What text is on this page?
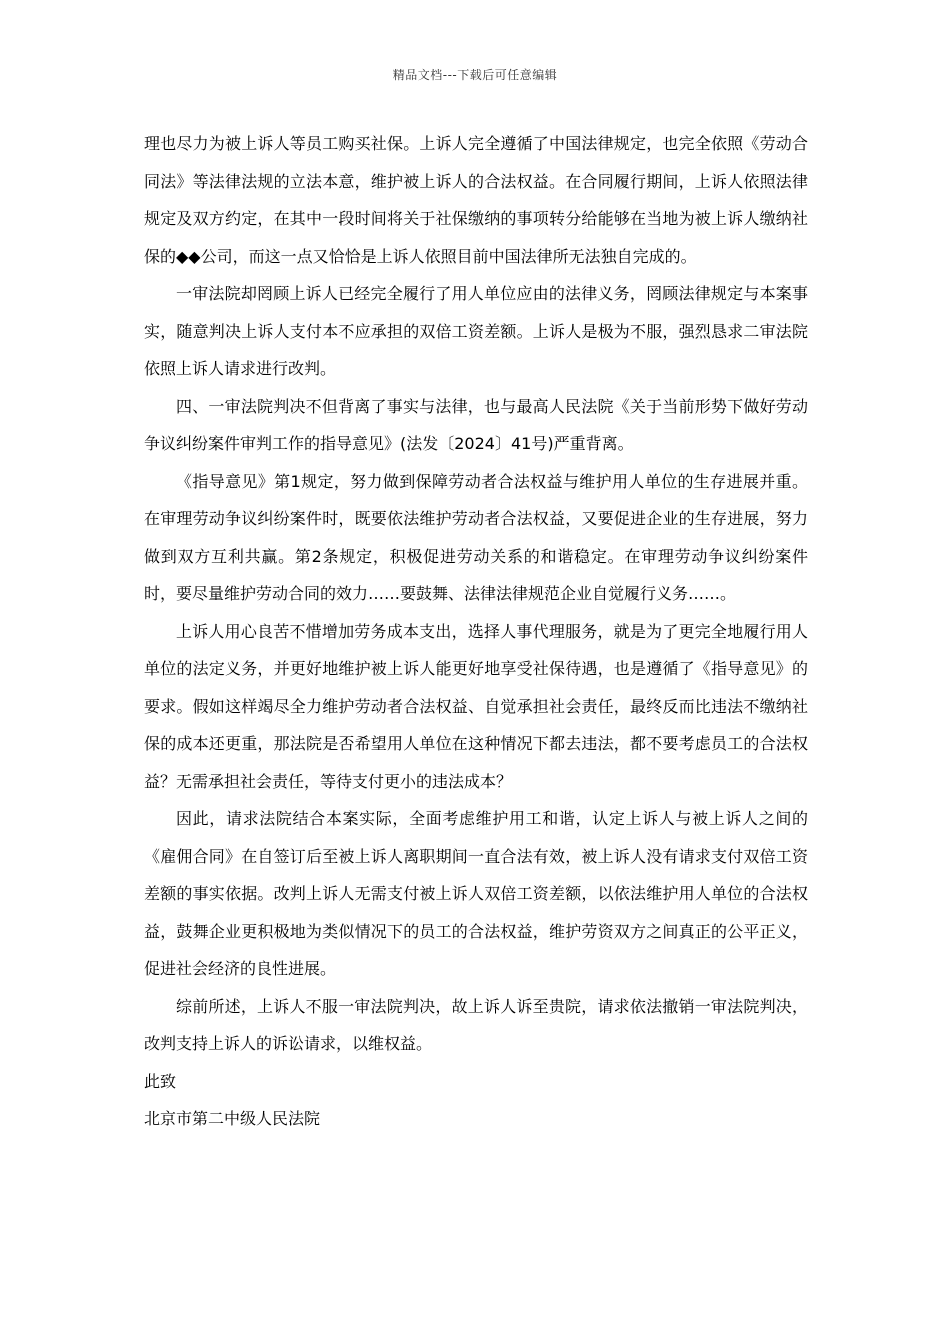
精品文档---下载后可任意编辑

理也尽力为被上诉人等员工购买社保。上诉人完全遵循了中国法律规定，也完全依照《劳动合同法》等法律法规的立法本意，维护被上诉人的合法权益。在合同履行期间，上诉人依照法律规定及双方约定，在其中一段时间将关于社保缴纳的事项转分给能够在当地为被上诉人缴纳社保的◆◆公司，而这一点又恰恰是上诉人依照目前中国法律所无法独自完成的。

一审法院却罔顾上诉人已经完全履行了用人单位应由的法律义务，罔顾法律规定与本案事实，随意判决上诉人支付本不应承担的双倍工资差额。上诉人是极为不服，强烈恳求二审法院依照上诉人请求进行改判。

四、一审法院判决不但背离了事实与法律，也与最高人民法院《关于当前形势下做好劳动争议纠纷案件审判工作的指导意见》(法发〔2024〕41号)严重背离。

《指导意见》第1规定，努力做到保障劳动者合法权益与维护用人单位的生存进展并重。在审理劳动争议纠纷案件时，既要依法维护劳动者合法权益，又要促进企业的生存进展，努力做到双方互利共赢。第2条规定，积极促进劳动关系的和谐稳定。在审理劳动争议纠纷案件时，要尽量维护劳动合同的效力……要鼓舞、法律法律规范企业自觉履行义务……。

上诉人用心良苦不惜增加劳务成本支出，选择人事代理服务，就是为了更完全地履行用人单位的法定义务，并更好地维护被上诉人能更好地享受社保待遇，也是遵循了《指导意见》的要求。假如这样竭尽全力维护劳动者合法权益、自觉承担社会责任，最终反而比违法不缴纳社保的成本还更重，那法院是否希望用人单位在这种情况下都去违法，都不要考虑员工的合法权益？无需承担社会责任，等待支付更小的违法成本？

因此，请求法院结合本案实际，全面考虑维护用工和谐，认定上诉人与被上诉人之间的《雇佣合同》在自签订后至被上诉人离职期间一直合法有效，被上诉人没有请求支付双倍工资差额的事实依据。改判上诉人无需支付被上诉人双倍工资差额，以依法维护用人单位的合法权益，鼓舞企业更积极地为类似情况下的员工的合法权益，维护劳资双方之间真正的公平正义，促进社会经济的良性进展。

综前所述，上诉人不服一审法院判决，故上诉人诉至贵院，请求依法撤销一审法院判决，改判支持上诉人的诉讼请求，以维权益。

此致

北京市第二中级人民法院
